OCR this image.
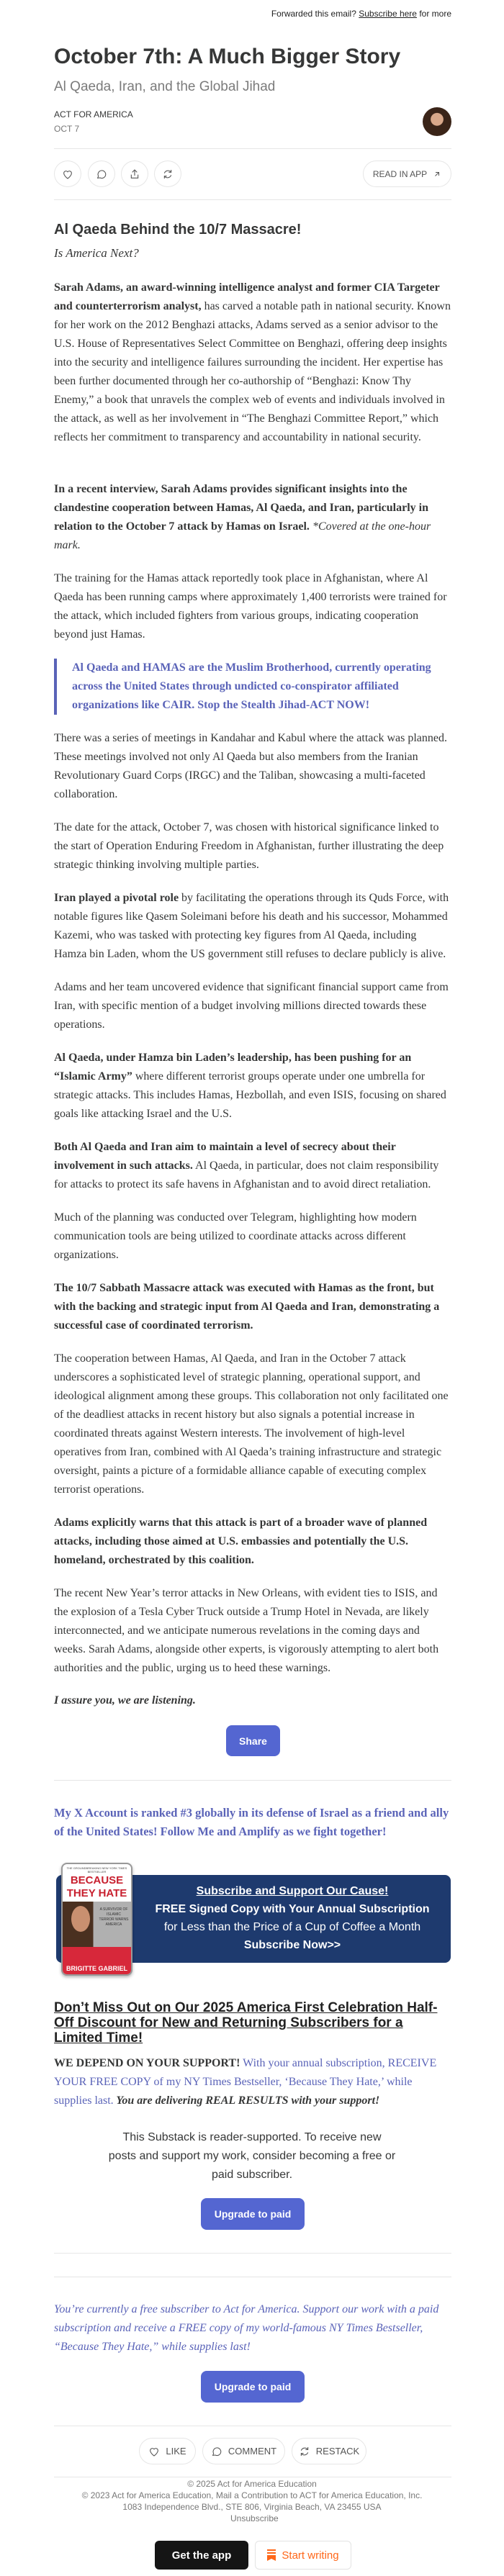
Forwarded this email? Subscribe here for more
October 7th: A Much Bigger Story
Al Qaeda, Iran, and the Global Jihad
ACT FOR AMERICA
OCT 7
READ IN APP
Al Qaeda Behind the 10/7 Massacre!
Is America Next?

Sarah Adams, an award-winning intelligence analyst and former CIA Targeter and counterterrorism analyst, has carved a notable path in national security. Known for her work on the 2012 Benghazi attacks, Adams served as a senior advisor to the U.S. House of Representatives Select Committee on Benghazi, offering deep insights into the security and intelligence failures surrounding the incident. Her expertise has been further documented through her co-authorship of “Benghazi: Know Thy Enemy,” a book that unravels the complex web of events and individuals involved in the attack, as well as her involvement in “The Benghazi Committee Report,” which reflects her commitment to transparency and accountability in national security.

In a recent interview, Sarah Adams provides significant insights into the clandestine cooperation between Hamas, Al Qaeda, and Iran, particularly in relation to the October 7 attack by Hamas on Israel. *Covered at the one-hour mark.

The training for the Hamas attack reportedly took place in Afghanistan, where Al Qaeda has been running camps where approximately 1,400 terrorists were trained for the attack, which included fighters from various groups, indicating cooperation beyond just Hamas.

There was a series of meetings in Kandahar and Kabul where the attack was planned. These meetings involved not only Al Qaeda but also members from the Iranian Revolutionary Guard Corps (IRGC) and the Taliban, showcasing a multi-faceted collaboration.

The date for the attack, October 7, was chosen with historical significance linked to the start of Operation Enduring Freedom in Afghanistan, further illustrating the deep strategic thinking involving multiple parties.

Iran played a pivotal role by facilitating the operations through its Quds Force, with notable figures like Qasem Soleimani before his death and his successor, Mohammed Kazemi, who was tasked with protecting key figures from Al Qaeda, including Hamza bin Laden, whom the US government still refuses to declare publicly is alive.

Adams and her team uncovered evidence that significant financial support came from Iran, with specific mention of a budget involving millions directed towards these operations.

Al Qaeda, under Hamza bin Laden’s leadership, has been pushing for an “Islamic Army” where different terrorist groups operate under one umbrella for strategic attacks. This includes Hamas, Hezbollah, and even ISIS, focusing on shared goals like attacking Israel and the U.S.

Both Al Qaeda and Iran aim to maintain a level of secrecy about their involvement in such attacks. Al Qaeda, in particular, does not claim responsibility for attacks to protect its safe havens in Afghanistan and to avoid direct retaliation.

Much of the planning was conducted over Telegram, highlighting how modern communication tools are being utilized to coordinate attacks across different organizations.

The 10/7 Sabbath Massacre attack was executed with Hamas as the front, but with the backing and strategic input from Al Qaeda and Iran, demonstrating a successful case of coordinated terrorism.

The cooperation between Hamas, Al Qaeda, and Iran in the October 7 attack underscores a sophisticated level of strategic planning, operational support, and ideological alignment among these groups. This collaboration not only facilitated one of the deadliest attacks in recent history but also signals a potential increase in coordinated threats against Western interests. The involvement of high-level operatives from Iran, combined with Al Qaeda’s training infrastructure and strategic oversight, paints a picture of a formidable alliance capable of executing complex terrorist operations.

Adams explicitly warns that this attack is part of a broader wave of planned attacks, including those aimed at U.S. embassies and potentially the U.S. homeland, orchestrated by this coalition.

The recent New Year’s terror attacks in New Orleans, with evident ties to ISIS, and the explosion of a Tesla Cyber Truck outside a Trump Hotel in Nevada, are likely interconnected, and we anticipate numerous revelations in the coming days and weeks. Sarah Adams, alongside other experts, is vigorously attempting to alert both authorities and the public, urging us to heed these warnings.

I assure you, we are listening.

Al Qaeda and HAMAS are the Muslim Brotherhood, currently operating across the United States through undicted co-conspirator affiliated organizations like CAIR. Stop the Stealth Jihad-ACT NOW!
Share
My X Account is ranked #3 globally in its defense of Israel as a friend and ally of the United States! Follow Me and Amplify as we fight together!
THE GROUNDBREAKING NEW YORK TIMES BESTSELLER
BECAUSE
THEY HATE
A SURVIVOR OF ISLAMIC TERROR WARNS AMERICA
BRIGITTE GABRIEL
Subscribe and Support Our Cause!
FREE Signed Copy with Your Annual Subscription
for Less than the Price of a Cup of Coffee a Month
Subscribe Now>>
Don’t Miss Out on Our 2025 America First Celebration Half-Off Discount for New and Returning Subscribers for a Limited Time!
WE DEPEND ON YOUR SUPPORT! With your annual subscription, RECEIVE YOUR FREE COPY of my NY Times Bestseller, ‘Because They Hate,’ while supplies last. You are delivering REAL RESULTS with your support!
This Substack is reader-supported. To receive new posts and support my work, consider becoming a free or paid subscriber.
Upgrade to paid
You’re currently a free subscriber to Act for America. Support our work with a paid subscription and receive a FREE copy of my world-famous NY Times Bestseller, “Because They Hate,” while supplies last!
Upgrade to paid
LIKE	COMMENT	RESTACK
© 2025 Act for America Education
© 2023 Act for America Education, Mail a Contribution to ACT for America Education, Inc.
1083 Independence Blvd., STE 806, Virginia Beach, VA 23455 USA
Unsubscribe
Get the app	Start writing
